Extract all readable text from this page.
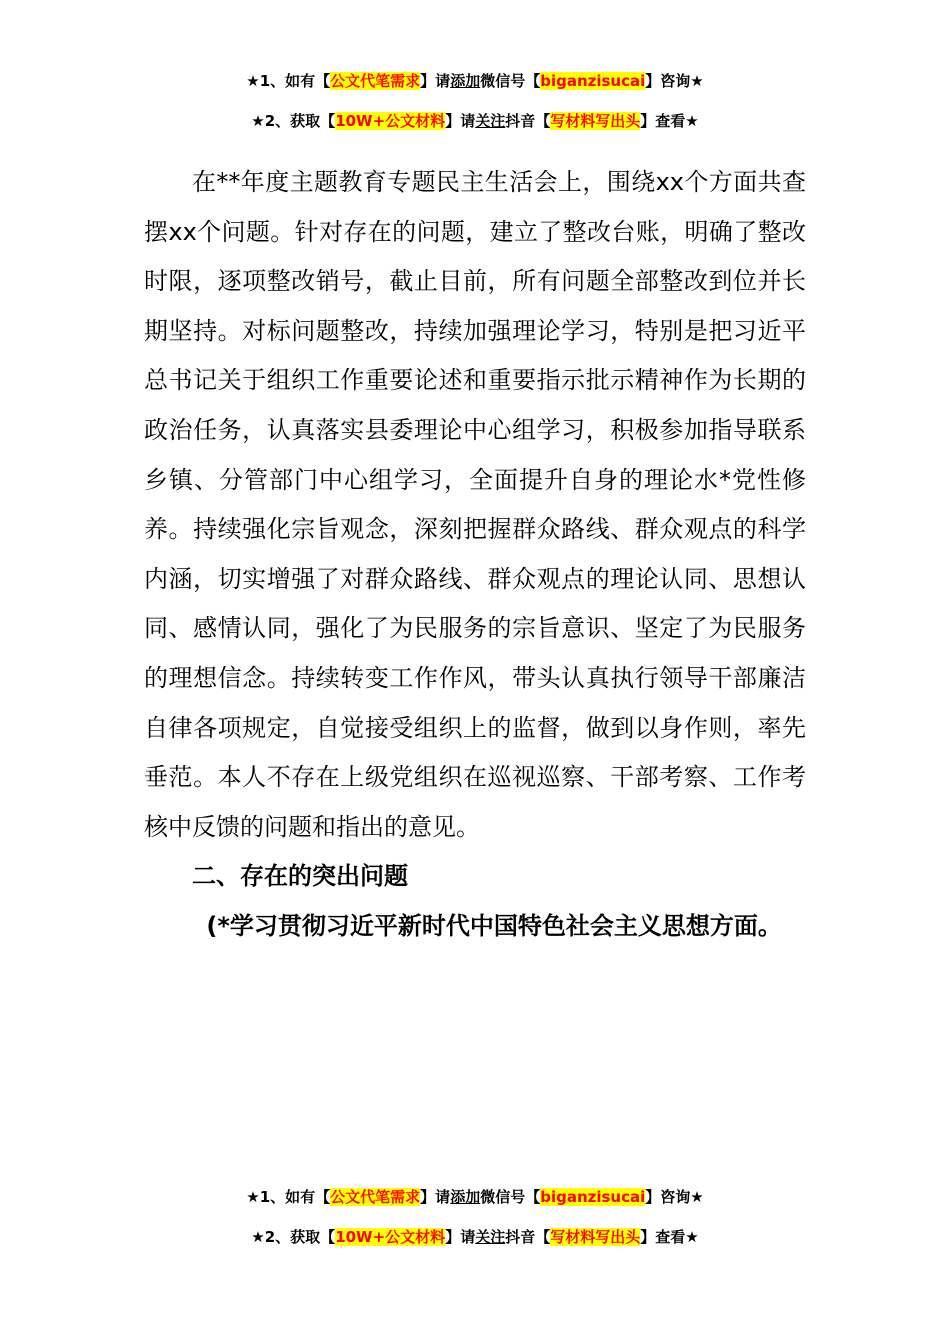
★1、如有【公文代笔需求】请添加微信号【biganzisucai】咨询★
★2、获取【10W+公文材料】请关注抖音【写材料写出头】查看★

在**年度主题教育专题民主生活会上，围绕xx个方面共查摆xx个问题。针对存在的问题，建立了整改台账，明确了整改时限，逐项整改销号，截止目前，所有问题全部整改到位并长期坚持。对标问题整改，持续加强理论学习，特别是把习近平总书记关于组织工作重要论述和重要指示批示精神作为长期的政治任务，认真落实县委理论中心组学习，积极参加指导联系乡镇、分管部门中心组学习，全面提升自身的理论水*党性修养。持续强化宗旨观念，深刻把握群众路线、群众观点的科学内涵，切实增强了对群众路线、群众观点的理论认同、思想认同、感情认同，强化了为民服务的宗旨意识、坚定了为民服务的理想信念。持续转变工作作风，带头认真执行领导干部廉洁自律各项规定，自觉接受组织上的监督，做到以身作则，率先垂范。本人不存在上级党组织在巡视巡察、干部考察、工作考核中反馈的问题和指出的意见。

二、存在的突出问题

(*学习贯彻习近平新时代中国特色社会主义思想方面。

★1、如有【公文代笔需求】请添加微信号【biganzisucai】咨询★
★2、获取【10W+公文材料】请关注抖音【写材料写出头】查看★
